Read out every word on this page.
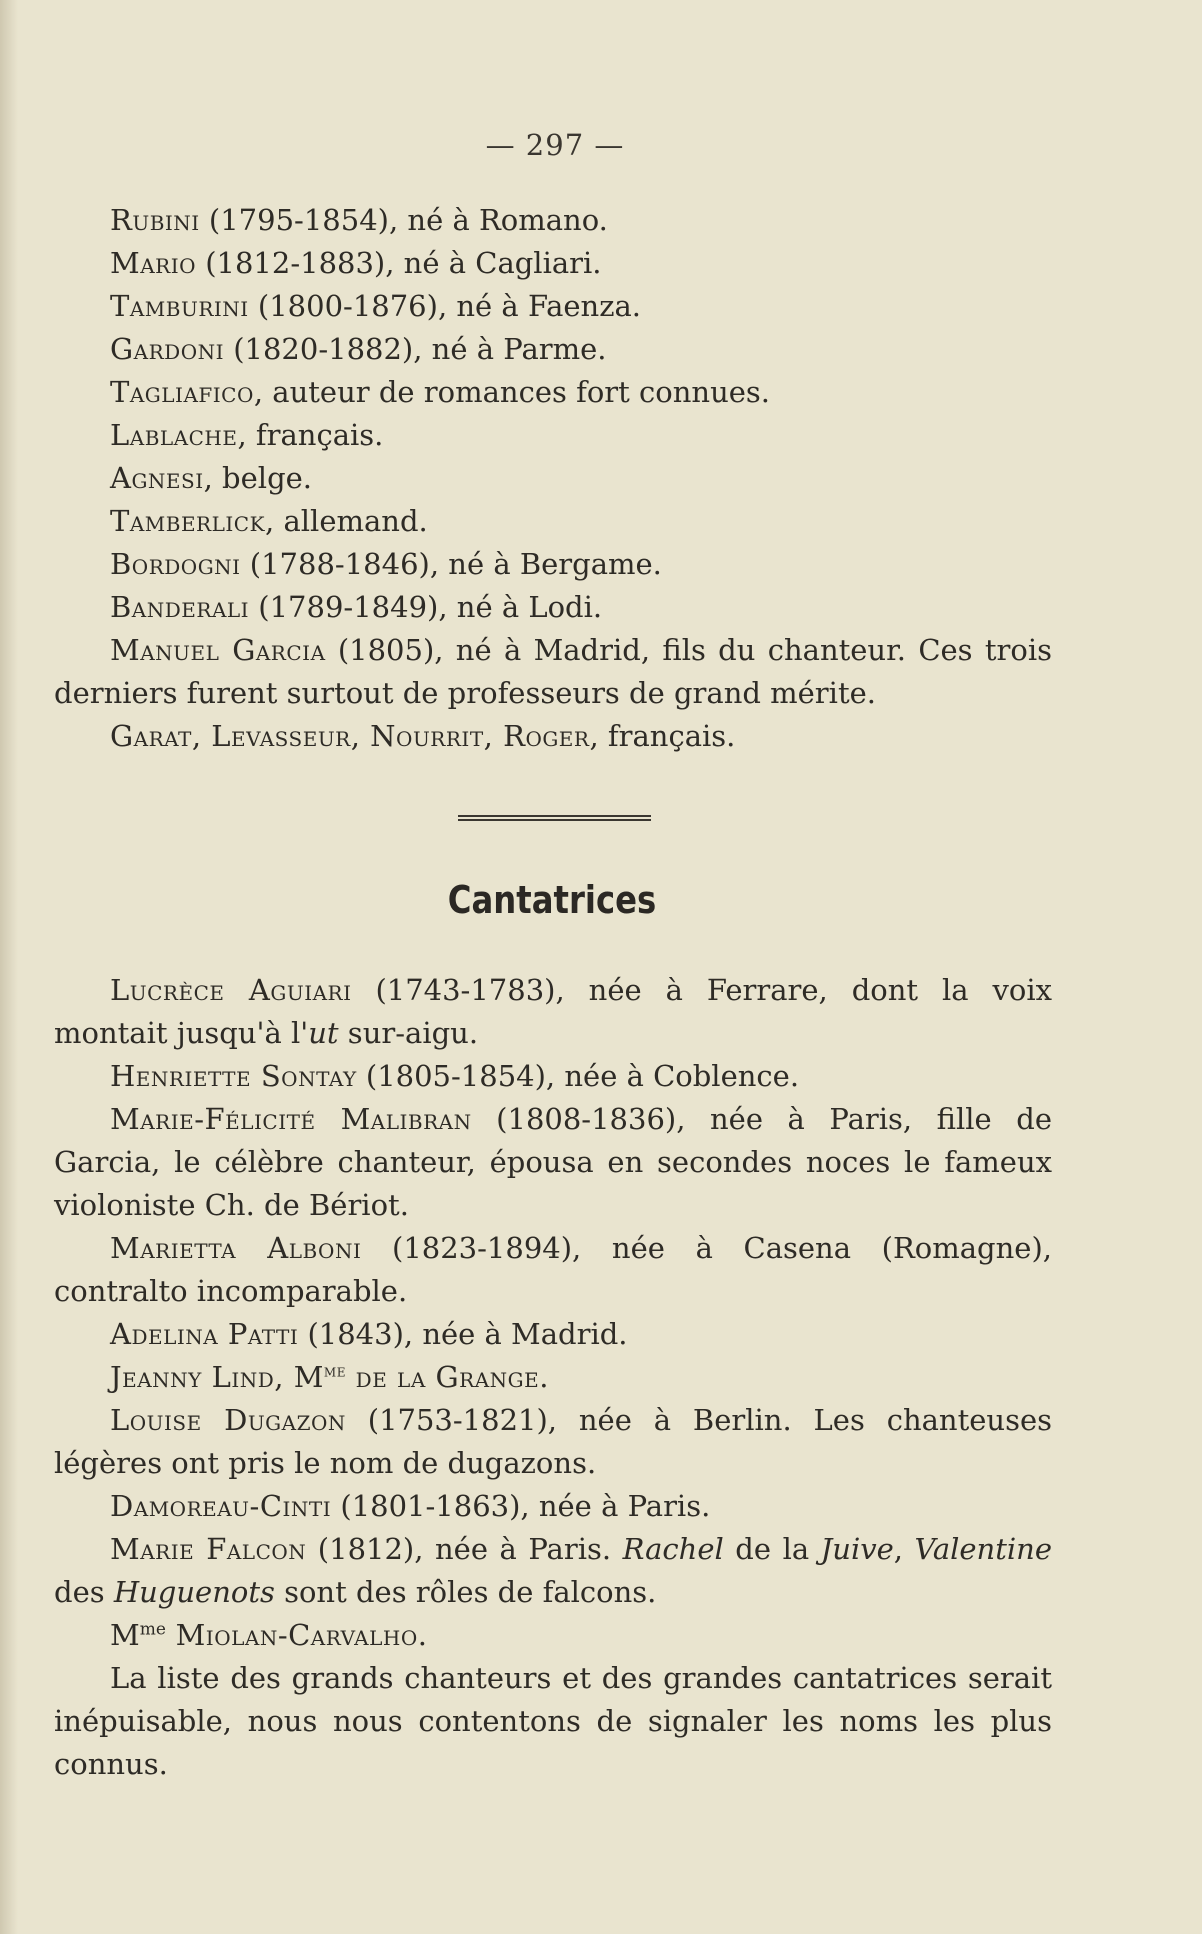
— 297 —

Rubini (1795-1854), né à Romano.

Mario (1812-1883), né à Cagliari.

Tamburini (1800-1876), né à Faenza.

Gardoni (1820-1882), né à Parme.

Tagliafico, auteur de romances fort connues.

Lablache, français.

Agnesi, belge.

Tamberlick, allemand.

Bordogni (1788-1846), né à Bergame.

Banderali (1789-1849), né à Lodi.

Manuel Garcia (1805), né à Madrid, fils du chanteur. Ces trois derniers furent surtout de professeurs de grand mérite.

Garat, Levasseur, Nourrit, Roger, français.

Cantatrices

Lucrèce Aguiari (1743-1783), née à Ferrare, dont la voix montait jusqu'à l'ut sur-aigu.

Henriette Sontay (1805-1854), née à Coblence.

Marie-Félicité Malibran (1808-1836), née à Paris, fille de Garcia, le célèbre chanteur, épousa en secondes noces le fameux violoniste Ch. de Bériot.

Marietta Alboni (1823-1894), née à Casena (Romagne), contralto incomparable.

Adelina Patti (1843), née à Madrid.

Jeanny Lind, $M^{me}$ de la Grange.

Louise Dugazon (1753-1821), née à Berlin. Les chanteuses légères ont pris le nom de dugazons.

Damoreau-Cinti (1801-1863), née à Paris.

Marie Falcon (1812), née à Paris. Rachel de la Juive, Valentine des Huguenots sont des rôles de falcons.

$M^{me}$ Miolan-Carvalho.

La liste des grands chanteurs et des grandes cantatrices serait inépuisable, nous nous contentons de signaler les noms les plus connus.
